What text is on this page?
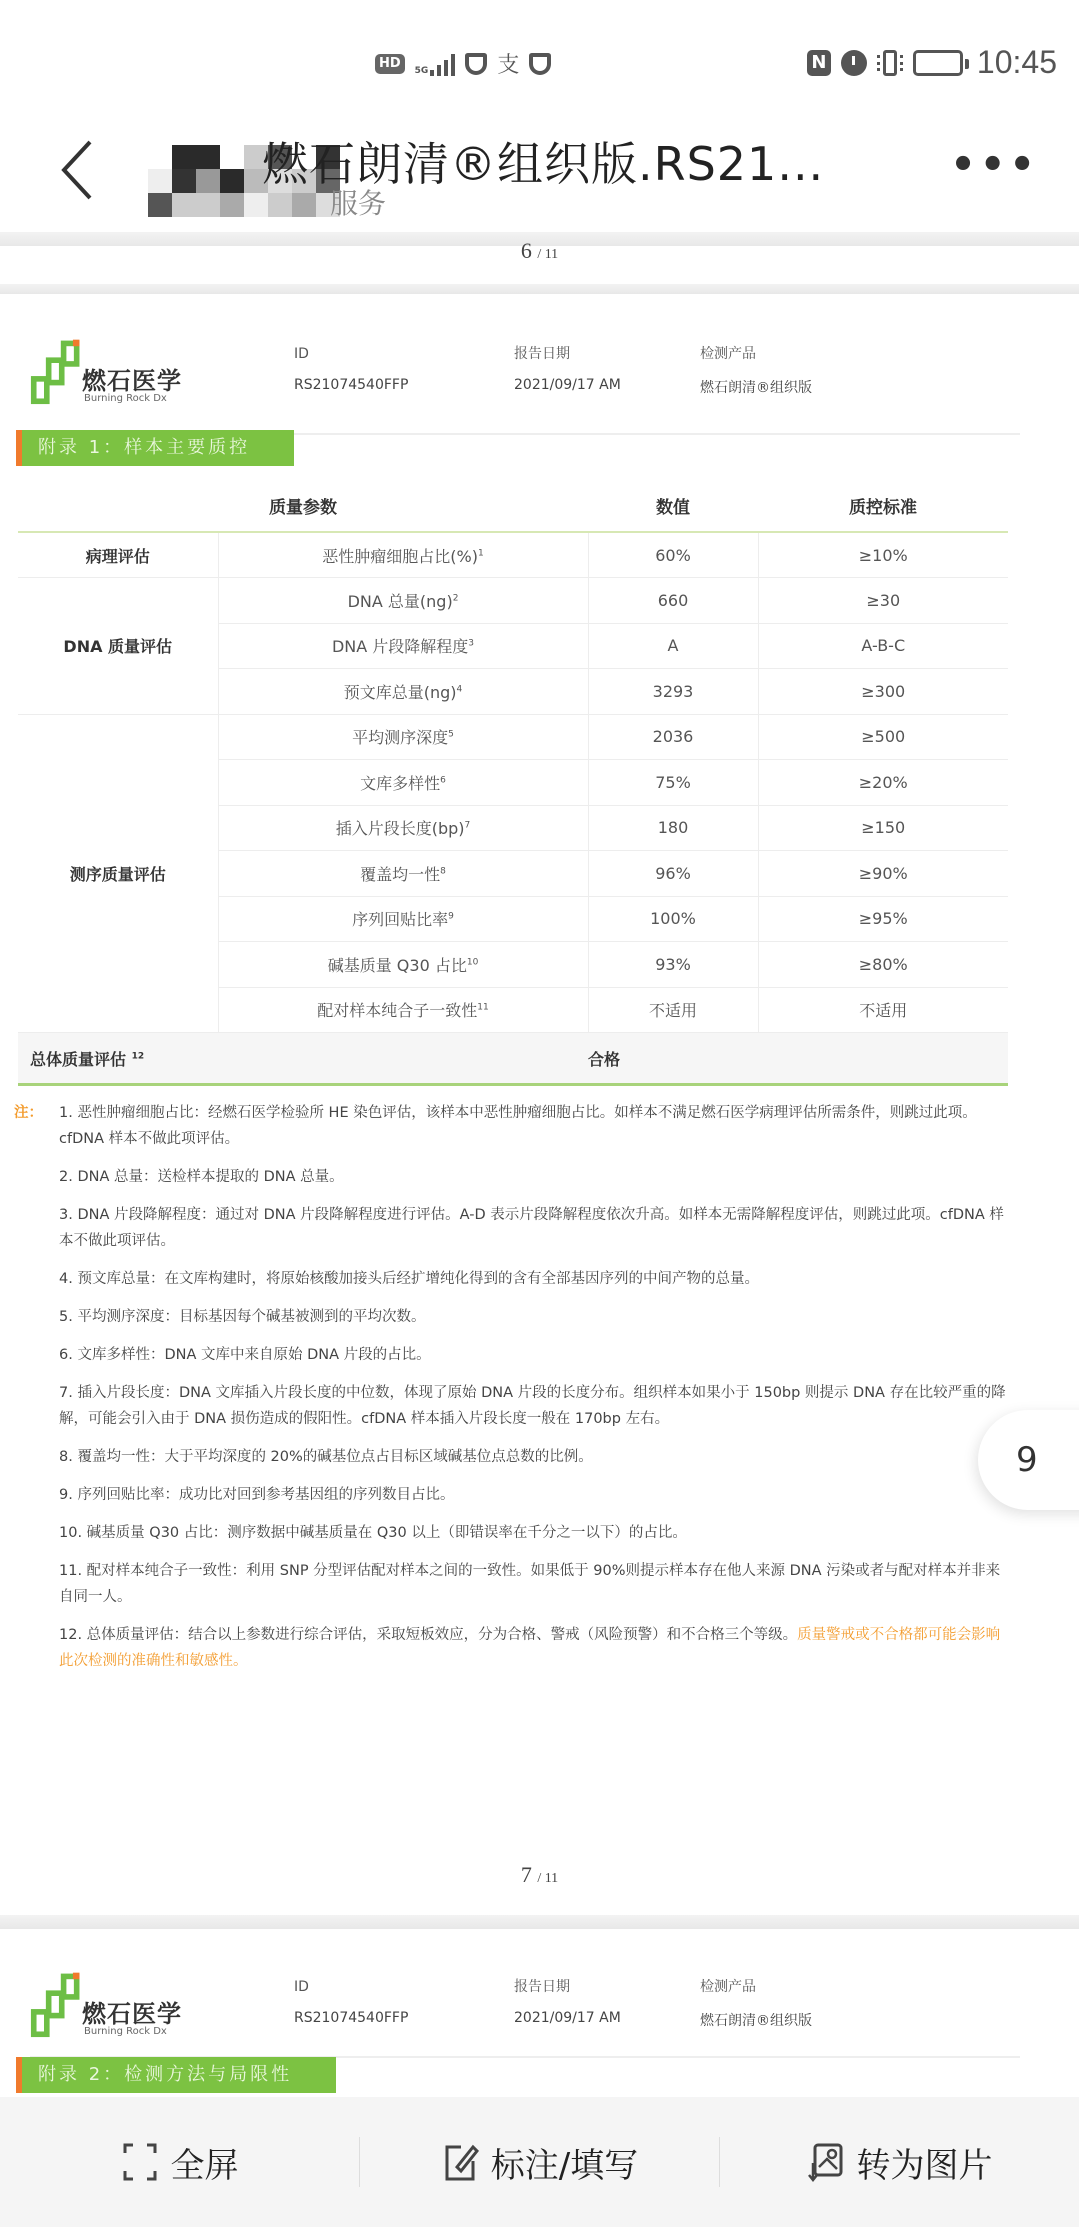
HD	5G	支	N	10:45
燃石朗清®组织版.RS21...
服务
•••
6 / 11
燃石医学
Burning Rock Dx
ID
RS21074540FFP
报告日期
2021/09/17 AM
检测产品
燃石朗清®组织版
附录 1：样本主要质控
质量参数		数值	质控标准
病理评估	恶性肿瘤细胞占比(%)$^1$	60%	≥10%
DNA 质量评估	DNA 总量(ng)$^2$	660	≥30
	DNA 片段降解程度$^3$	A	A-B-C
	预文库总量(ng)$^4$	3293	≥300
测序质量评估	平均测序深度$^5$	2036	≥500
	文库多样性$^6$	75%	≥20%
	插入片段长度(bp)$^7$	180	≥150
	覆盖均一性$^8$	96%	≥90%
	序列回贴比率$^9$	100%	≥95%
	碱基质量 Q30 占比$^{10}$	93%	≥80%
	配对样本纯合子一致性$^{11}$	不适用	不适用
总体质量评估 $^{12}$		合格	
注： 1. 恶性肿瘤细胞占比：经燃石医学检验所 HE 染色评估，该样本中恶性肿瘤细胞占比。如样本不满足燃石医学病理评估所需条件，则跳过此项。cfDNA 样本不做此项评估。

2. DNA 总量：送检样本提取的 DNA 总量。

3. DNA 片段降解程度：通过对 DNA 片段降解程度进行评估。A-D 表示片段降解程度依次升高。如样本无需降解程度评估，则跳过此项。cfDNA 样本不做此项评估。

4. 预文库总量：在文库构建时，将原始核酸加接头后经扩增纯化得到的含有全部基因序列的中间产物的总量。

5. 平均测序深度：目标基因每个碱基被测到的平均次数。

6. 文库多样性：DNA 文库中来自原始 DNA 片段的占比。

7. 插入片段长度：DNA 文库插入片段长度的中位数，体现了原始 DNA 片段的长度分布。组织样本如果小于 150bp 则提示 DNA 存在比较严重的降解，可能会引入由于 DNA 损伤造成的假阳性。cfDNA 样本插入片段长度一般在 170bp 左右。

8. 覆盖均一性：大于平均深度的 20%的碱基位点占目标区域碱基位点总数的比例。

9. 序列回贴比率：成功比对回到参考基因组的序列数目占比。

10. 碱基质量 Q30 占比：测序数据中碱基质量在 Q30 以上（即错误率在千分之一以下）的占比。

11. 配对样本纯合子一致性：利用 SNP 分型评估配对样本之间的一致性。如果低于 90%则提示样本存在他人来源 DNA 污染或者与配对样本并非来自同一人。

12. 总体质量评估：结合以上参数进行综合评估，采取短板效应，分为合格、警戒（风险预警）和不合格三个等级。质量警戒或不合格都可能会影响此次检测的准确性和敏感性。

7 / 11
燃石医学
Burning Rock Dx
ID
RS21074540FFP
报告日期
2021/09/17 AM
检测产品
燃石朗清®组织版
附录 2：检测方法与局限性
9
全屏	标注/填写	转为图片
